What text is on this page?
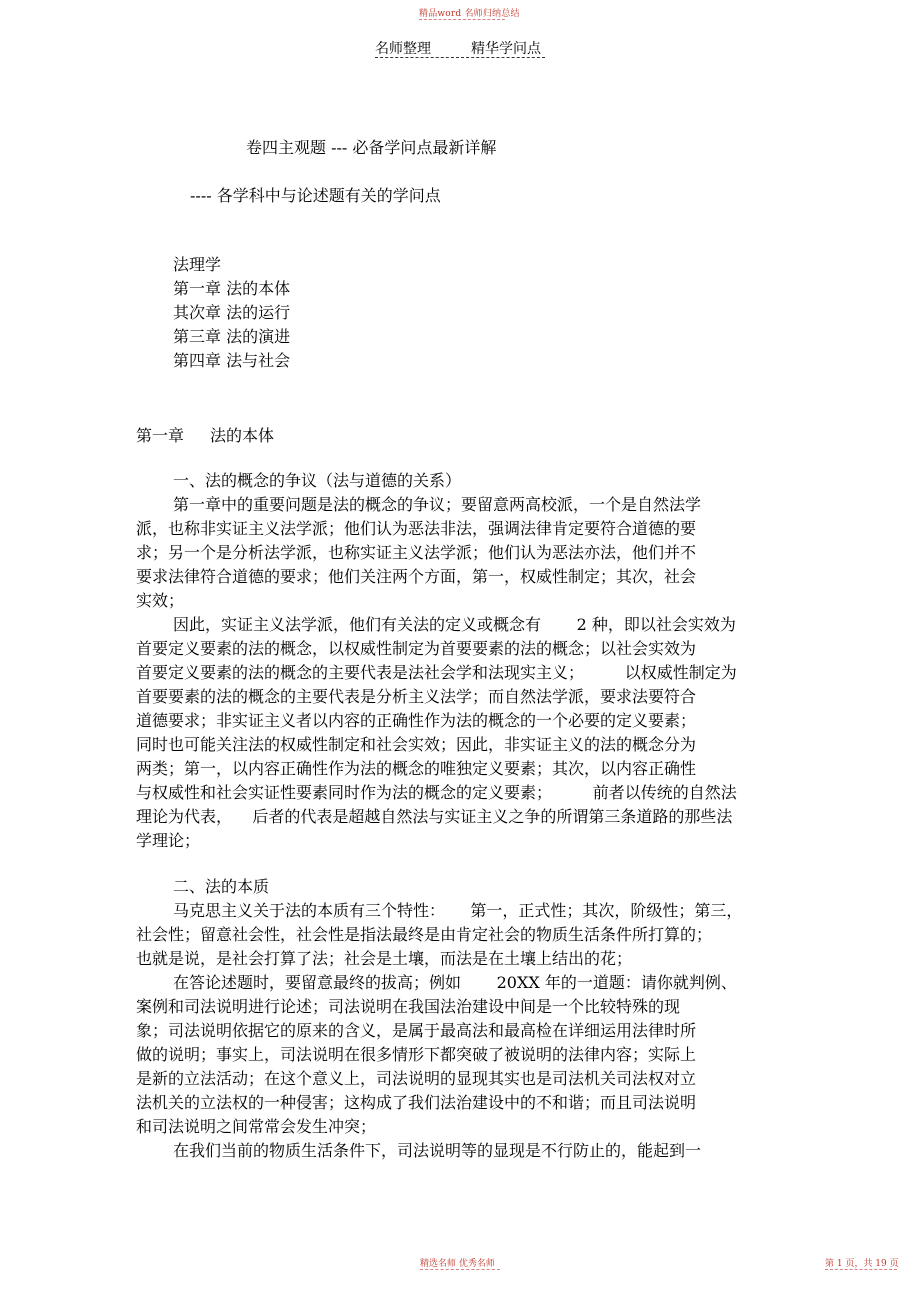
精品word 名师归纳总结
名师整理	精华学问点
卷四主观题 --- 必备学问点最新详解
---- 各学科中与论述题有关的学问点
法理学
第一章 法的本体
其次章 法的运行
第三章 法的演进
第四章 法与社会
第一章 法的本体
一、法的概念的争议（法与道德的关系）
第一章中的重要问题是法的概念的争议；要留意两高校派，一个是自然法学
派，也称非实证主义法学派；他们认为恶法非法，强调法律肯定要符合道德的要
求；另一个是分析法学派，也称实证主义法学派；他们认为恶法亦法，他们并不
要求法律符合道德的要求；他们关注两个方面，第一，权威性制定；其次，社会
实效；
因此，实证主义法学派，他们有关法的定义或概念有       2 种，即以社会实效为
首要定义要素的法的概念，以权威性制定为首要要素的法的概念；以社会实效为
首要定义要素的法的概念的主要代表是法社会学和法现实主义；        以权威性制定为
首要要素的法的概念的主要代表是分析主义法学；而自然法学派，要求法要符合
道德要求；非实证主义者以内容的正确性作为法的概念的一个必要的定义要素；
同时也可能关注法的权威性制定和社会实效；因此，非实证主义的法的概念分为
两类；第一，以内容正确性作为法的概念的唯独定义要素；其次，以内容正确性
与权威性和社会实证性要素同时作为法的概念的定义要素；        前者以传统的自然法
理论为代表，    后者的代表是超越自然法与实证主义之争的所谓第三条道路的那些法
学理论；
二、法的本质
马克思主义关于法的本质有三个特性：     第一，正式性；其次，阶级性；第三，
社会性；留意社会性，社会性是指法最终是由肯定社会的物质生活条件所打算的；
也就是说，是社会打算了法；社会是土壤，而法是在土壤上结出的花；
在答论述题时，要留意最终的拔高；例如       20XX 年的一道题：请你就判例、
案例和司法说明进行论述；司法说明在我国法治建设中间是一个比较特殊的现
象；司法说明依据它的原来的含义，是属于最高法和最高检在详细运用法律时所
做的说明；事实上，司法说明在很多情形下都突破了被说明的法律内容；实际上
是新的立法活动；在这个意义上，司法说明的显现其实也是司法机关司法权对立
法机关的立法权的一种侵害；这构成了我们法治建设中的不和谐；而且司法说明
和司法说明之间常常会发生冲突；
在我们当前的物质生活条件下，司法说明等的显现是不行防止的，能起到一
精选名师 优秀名师	第 1 页，共 19 页
